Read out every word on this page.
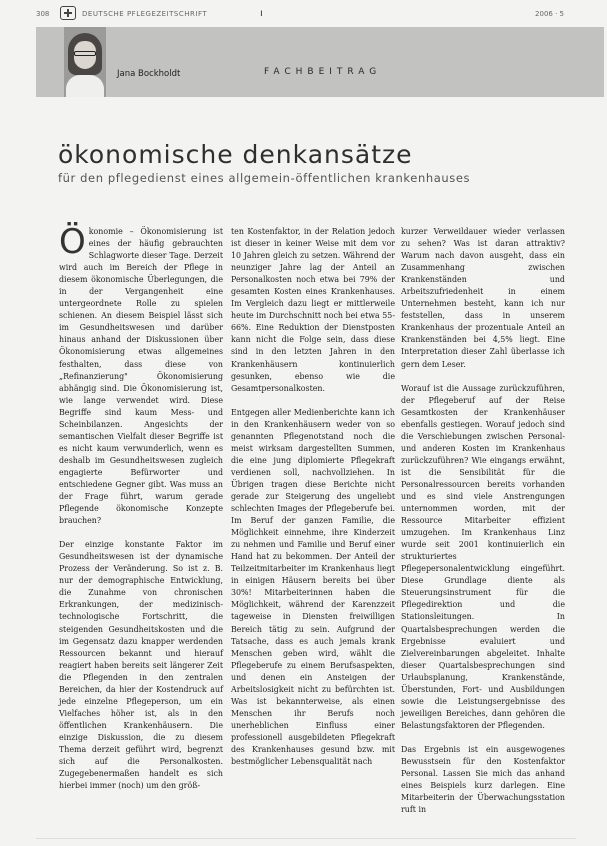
308	DEUTSCHE PFLEGEZEITSCHRIFT	ı	2006 · 5
Jana Bockholdt	FACHBEITRAG
ökonomische denkansätze
für den pflegedienst eines allgemein-öffentlichen krankenhauses

Ökonomie – Ökonomisierung ist eines der häufig gebrauchten Schlagworte dieser Tage. Derzeit wird auch im Bereich der Pflege in diesem ökonomische Überlegungen, die in der Vergangenheit eine untergeordnete Rolle zu spielen schienen. An diesem Beispiel lässt sich im Gesundheitswesen und darüber hinaus anhand der Diskussionen über Ökonomisierung etwas allgemeines festhalten, dass diese von „Refinanzierung" Ökonomisierung abhängig sind. Die Ökonomisierung ist, wie lange verwendet wird. Diese Begriffe sind kaum Mess- und Scheinbilanzen. Angesichts der semantischen Vielfalt dieser Begriffe ist es nicht kaum verwunderlich, wenn es deshalb im Gesundheitswesen zugleich engagierte Befürworter und entschiedene Gegner gibt. Was muss an der Frage führt, warum gerade Pflegende ökonomische Konzepte brauchen?

Der einzige konstante Faktor im Gesundheitswesen ist der dynamische Prozess der Veränderung. So ist z. B. nur der demographische Entwicklung, die Zunahme von chronischen Erkrankungen, der medizinisch-technologische Fortschritt, die steigenden Gesundheitskosten und die im Gegensatz dazu knapper werdenden Ressourcen bekannt und hierauf reagiert haben bereits seit längerer Zeit die Pflegenden in den zentralen Bereichen, da hier der Kostendruck auf jede einzelne Pflegeperson, um ein Vielfaches höher ist, als in den öffentlichen Krankenhäusern. Die einzige Diskussion, die zu diesem Thema derzeit geführt wird, begrenzt sich auf die Personalkosten. Zugegebenermaßen handelt es sich hierbei immer (noch) um den größ-

ten Kostenfaktor, in der Relation jedoch ist dieser in keiner Weise mit dem vor 10 Jahren gleich zu setzen. Während der neunziger Jahre lag der Anteil an Personalkosten noch etwa bei 79% der gesamten Kosten eines Krankenhauses. Im Vergleich dazu liegt er mittlerweile heute im Durchschnitt noch bei etwa 55-66%. Eine Reduktion der Dienstposten kann nicht die Folge sein, dass diese sind in den letzten Jahren in den Krankenhäusern kontinuierlich gesunken, ebenso wie die Gesamtpersonalkosten.

Entgegen aller Medienberichte kann ich in den Krankenhäusern weder von so genannten Pflegenotstand noch die meist wirksam dargestellten Summen, die eine jung diplomierte Pflegekraft verdienen soll, nachvollziehen. In Übrigen tragen diese Berichte nicht gerade zur Steigerung des ungeliebt schlechten Images der Pflegeberufe bei. Im Beruf der ganzen Familie, die Möglichkeit einnehme, ihre Kinderzeit zu nehmen und Familie und Beruf einer Hand hat zu bekommen. Der Anteil der Teilzeitmitarbeiter im Krankenhaus liegt in einigen Häusern bereits bei über 30%! Mitarbeiterinnen haben die Möglichkeit, während der Karenzzeit tageweise in Diensten freiwilligen Bereich tätig zu sein. Aufgrund der Tatsache, dass es auch jemals krank Menschen geben wird, wählt die Pflegeberufe zu einem Berufsaspekten, und denen ein Ansteigen der Arbeitslosigkeit nicht zu befürchten ist. Was ist bekannterweise, als einen Menschen ihr Berufs noch unerheblichen Einfluss einer professionell ausgebildeten Pflegekraft des Krankenhauses gesund bzw. mit bestmöglicher Lebensqualität nach

kurzer Verweildauer wieder verlassen zu sehen? Was ist daran attraktiv? Warum nach davon ausgeht, dass ein Zusammenhang zwischen Krankenständen und Arbeitszufriedenheit in einem Unternehmen besteht, kann ich nur feststellen, dass in unserem Krankenhaus der prozentuale Anteil an Krankenständen bei 4,5% liegt. Eine Interpretation dieser Zahl überlasse ich gern dem Leser.

Worauf ist die Aussage zurückzuführen, der Pflegeberuf auf der Reise Gesamtkosten der Krankenhäuser ebenfalls gestiegen. Worauf jedoch sind die Verschiebungen zwischen Personal- und anderen Kosten im Krankenhaus zurückzuführen? Wie eingangs erwähnt, ist die Sensibilität für die Personalressourcen bereits vorhanden und es sind viele Anstrengungen unternommen worden, mit der Ressource Mitarbeiter effizient umzugehen. Im Krankenhaus Linz wurde seit 2001 kontinuierlich ein strukturiertes Pflegepersonalentwicklung eingeführt. Diese Grundlage diente als Steuerungsinstrument für die Pflegedirektion und die Stationsleitungen. In Quartalsbesprechungen werden die Ergebnisse evaluiert und Zielvereinbarungen abgeleitet. Inhalte dieser Quartalsbesprechungen sind Urlaubsplanung, Krankenstände, Überstunden, Fort- und Ausbildungen sowie die Leistungsergebnisse des jeweiligen Bereiches, dann gehören die Belastungsfaktoren der Pflegenden.

Das Ergebnis ist ein ausgewogenes Bewusstsein für den Kostenfaktor Personal. Lassen Sie mich das anhand eines Beispiels kurz darlegen. Eine Mitarbeiterin der Überwachungsstation ruft in
